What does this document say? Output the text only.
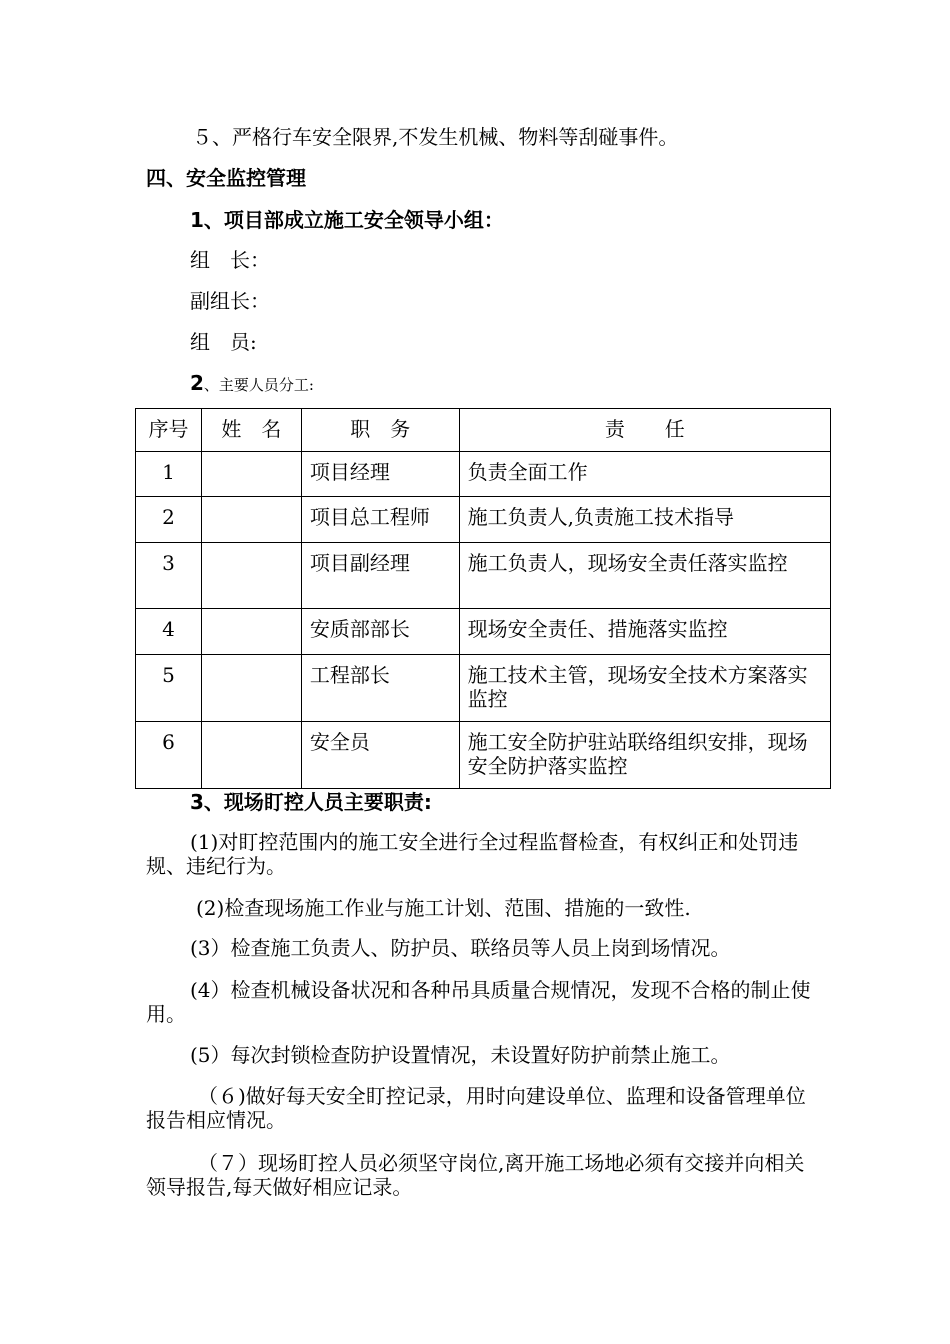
５、严格行车安全限界,不发生机械、物料等刮碰事件。
四、安全监控管理
1、项目部成立施工安全领导小组：
组　长：
副组长：
组　员:
2、主要人员分工:
序号	姓　名	职　务	责　　任
1		项目经理	负责全面工作
2		项目总工程师	施工负责人,负责施工技术指导
3		项目副经理	施工负责人，现场安全责任落实监控
4		安质部部长	现场安全责任、措施落实监控
5		工程部长	施工技术主管，现场安全技术方案落实监控
6		安全员	施工安全防护驻站联络组织安排，现场安全防护落实监控
3、现场盯控人员主要职责:
(1)对盯控范围内的施工安全进行全过程监督检查，有权纠正和处罚违规、违纪行为。
(2)检查现场施工作业与施工计划、范围、措施的一致性.
(3）检查施工负责人、防护员、联络员等人员上岗到场情况。
(4）检查机械设备状况和各种吊具质量合规情况，发现不合格的制止使用。
(5）每次封锁检查防护设置情况，未设置好防护前禁止施工。
（６)做好每天安全盯控记录，用时向建设单位、监理和设备管理单位报告相应情况。
（７）现场盯控人员必须坚守岗位,离开施工场地必须有交接并向相关领导报告,每天做好相应记录。
